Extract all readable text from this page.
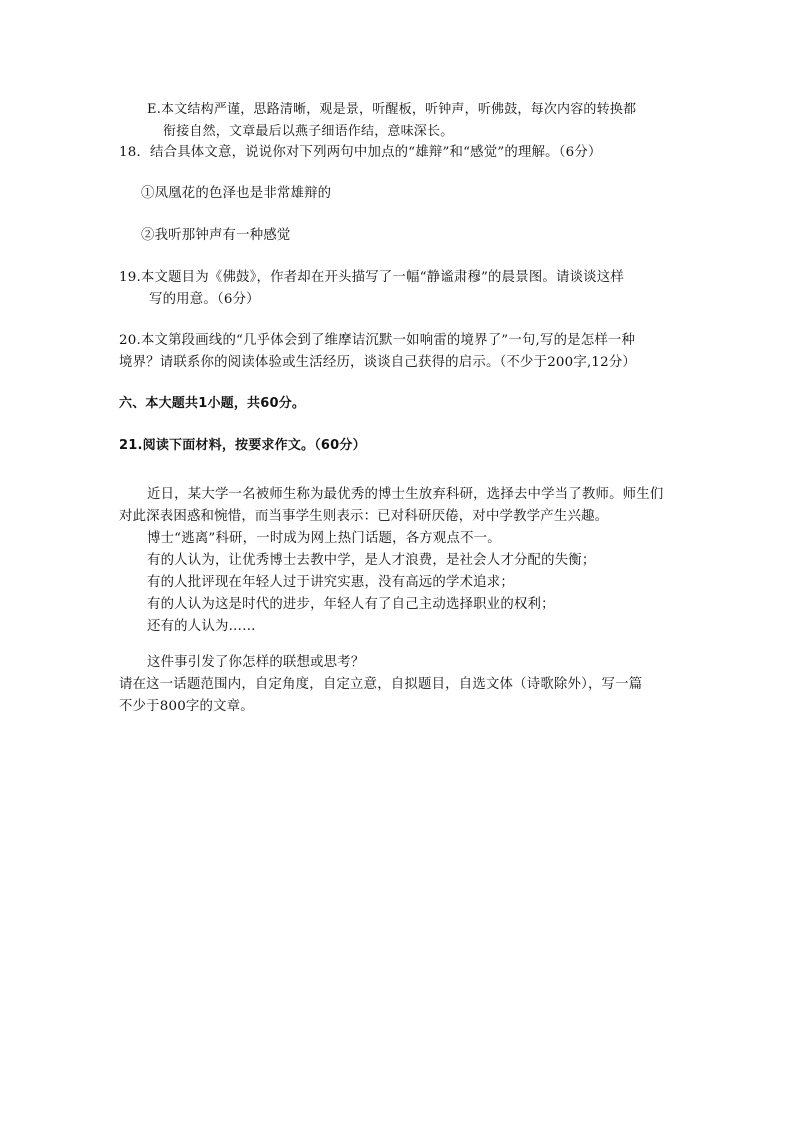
E.本文结构严谨，思路清晰，观是景，听醒板，听钟声，听佛鼓，每次内容的转换都
衔接自然，文章最后以燕子细语作结，意味深长。
18．结合具体文意，说说你对下列两句中加点的“雄辩”和“感觉”的理解。（6分）
①凤凰花的色泽也是非常雄辩的
②我听那钟声有一种感觉
19.本文题目为《佛鼓》，作者却在开头描写了一幅“静谧肃穆”的晨景图。请谈谈这样
写的用意。（6分）
20.本文第段画线的“几乎体会到了维摩诘沉默一如响雷的境界了”一句,写的是怎样一种
境界？请联系你的阅读体验或生活经历，谈谈自己获得的启示。（不少于200字,12分）
六、本大题共1小题，共60分。
21.阅读下面材料，按要求作文。（60分）
近日，某大学一名被师生称为最优秀的博士生放弃科研，选择去中学当了教师。师生们
对此深表困惑和惋惜，而当事学生则表示：已对科研厌倦，对中学教学产生兴趣。
博士“逃离”科研，一时成为网上热门话题，各方观点不一。
有的人认为，让优秀博士去教中学，是人才浪费，是社会人才分配的失衡；
有的人批评现在年轻人过于讲究实惠，没有高远的学术追求；
有的人认为这是时代的进步，年轻人有了自己主动选择职业的权利；
还有的人认为……
这件事引发了你怎样的联想或思考？
请在这一话题范围内，自定角度，自定立意，自拟题目，自选文体（诗歌除外），写一篇
不少于800字的文章。
